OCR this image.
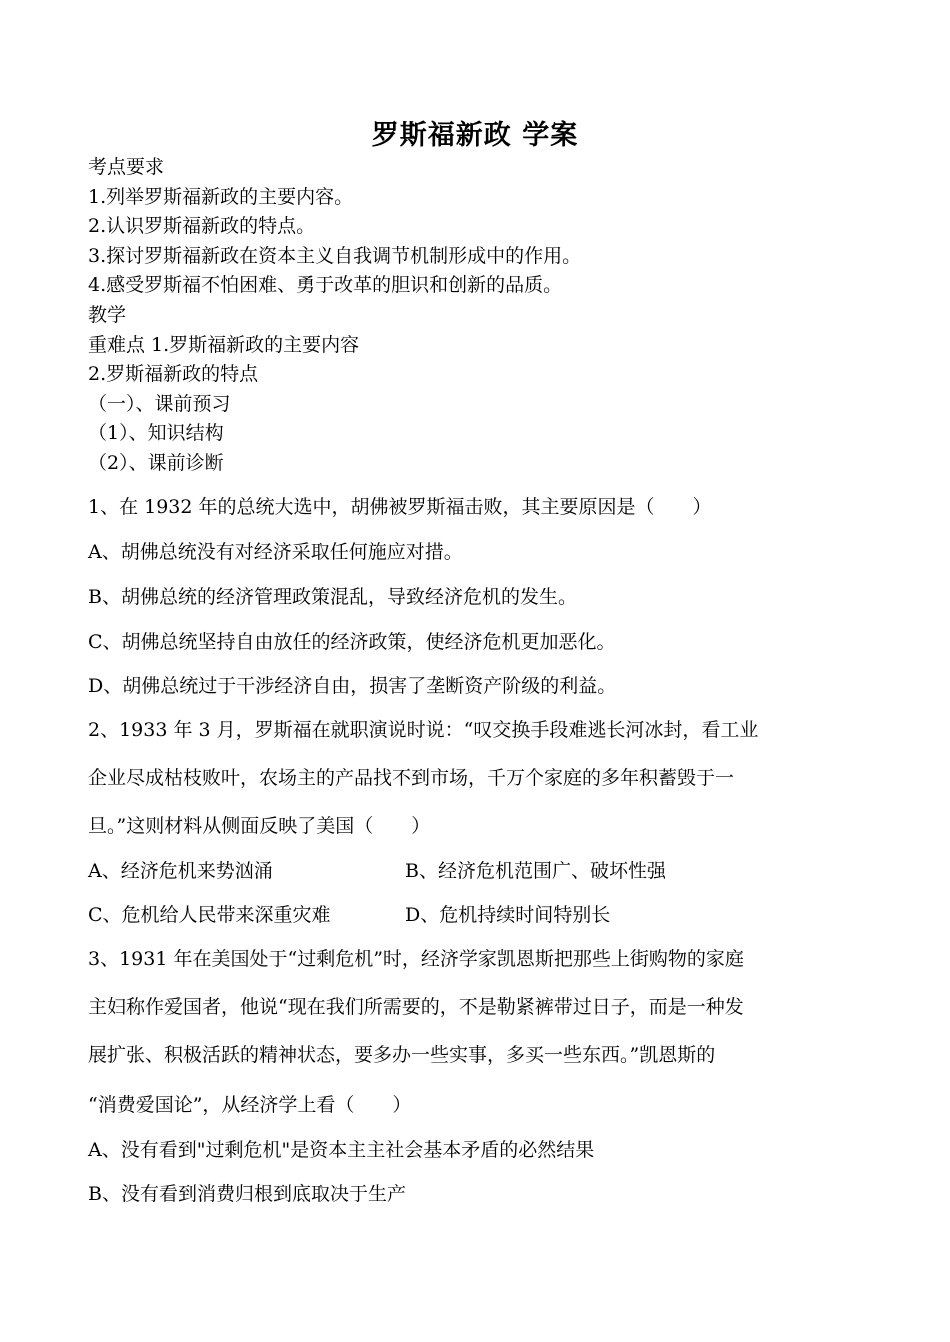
罗斯福新政 学案
考点要求
1.列举罗斯福新政的主要内容。
2.认识罗斯福新政的特点。
3.探讨罗斯福新政在资本主义自我调节机制形成中的作用。
4.感受罗斯福不怕困难、勇于改革的胆识和创新的品质。
教学
重难点 1.罗斯福新政的主要内容
2.罗斯福新政的特点
（一）、课前预习
（1）、知识结构
（2）、课前诊断
1、在 1932 年的总统大选中，胡佛被罗斯福击败，其主要原因是（　　）
A、胡佛总统没有对经济采取任何施应对措。
B、胡佛总统的经济管理政策混乱，导致经济危机的发生。
C、胡佛总统坚持自由放任的经济政策，使经济危机更加恶化。
D、胡佛总统过于干涉经济自由，损害了垄断资产阶级的利益。
2、1933 年 3 月，罗斯福在就职演说时说：“叹交换手段难逃长河冰封，看工业
企业尽成枯枝败叶，农场主的产品找不到市场，千万个家庭的多年积蓄毁于一
旦。”这则材料从侧面反映了美国（　　）
A、经济危机来势汹涌	B、经济危机范围广、破坏性强
C、危机给人民带来深重灾难	D、危机持续时间特别长
3、1931 年在美国处于“过剩危机”时，经济学家凯恩斯把那些上街购物的家庭
主妇称作爱国者，他说“现在我们所需要的，不是勒紧裤带过日子，而是一种发
展扩张、积极活跃的精神状态，要多办一些实事，多买一些东西。”凯恩斯的
“消费爱国论”，从经济学上看（　　）
A、没有看到"过剩危机"是资本主主社会基本矛盾的必然结果
B、没有看到消费归根到底取决于生产
